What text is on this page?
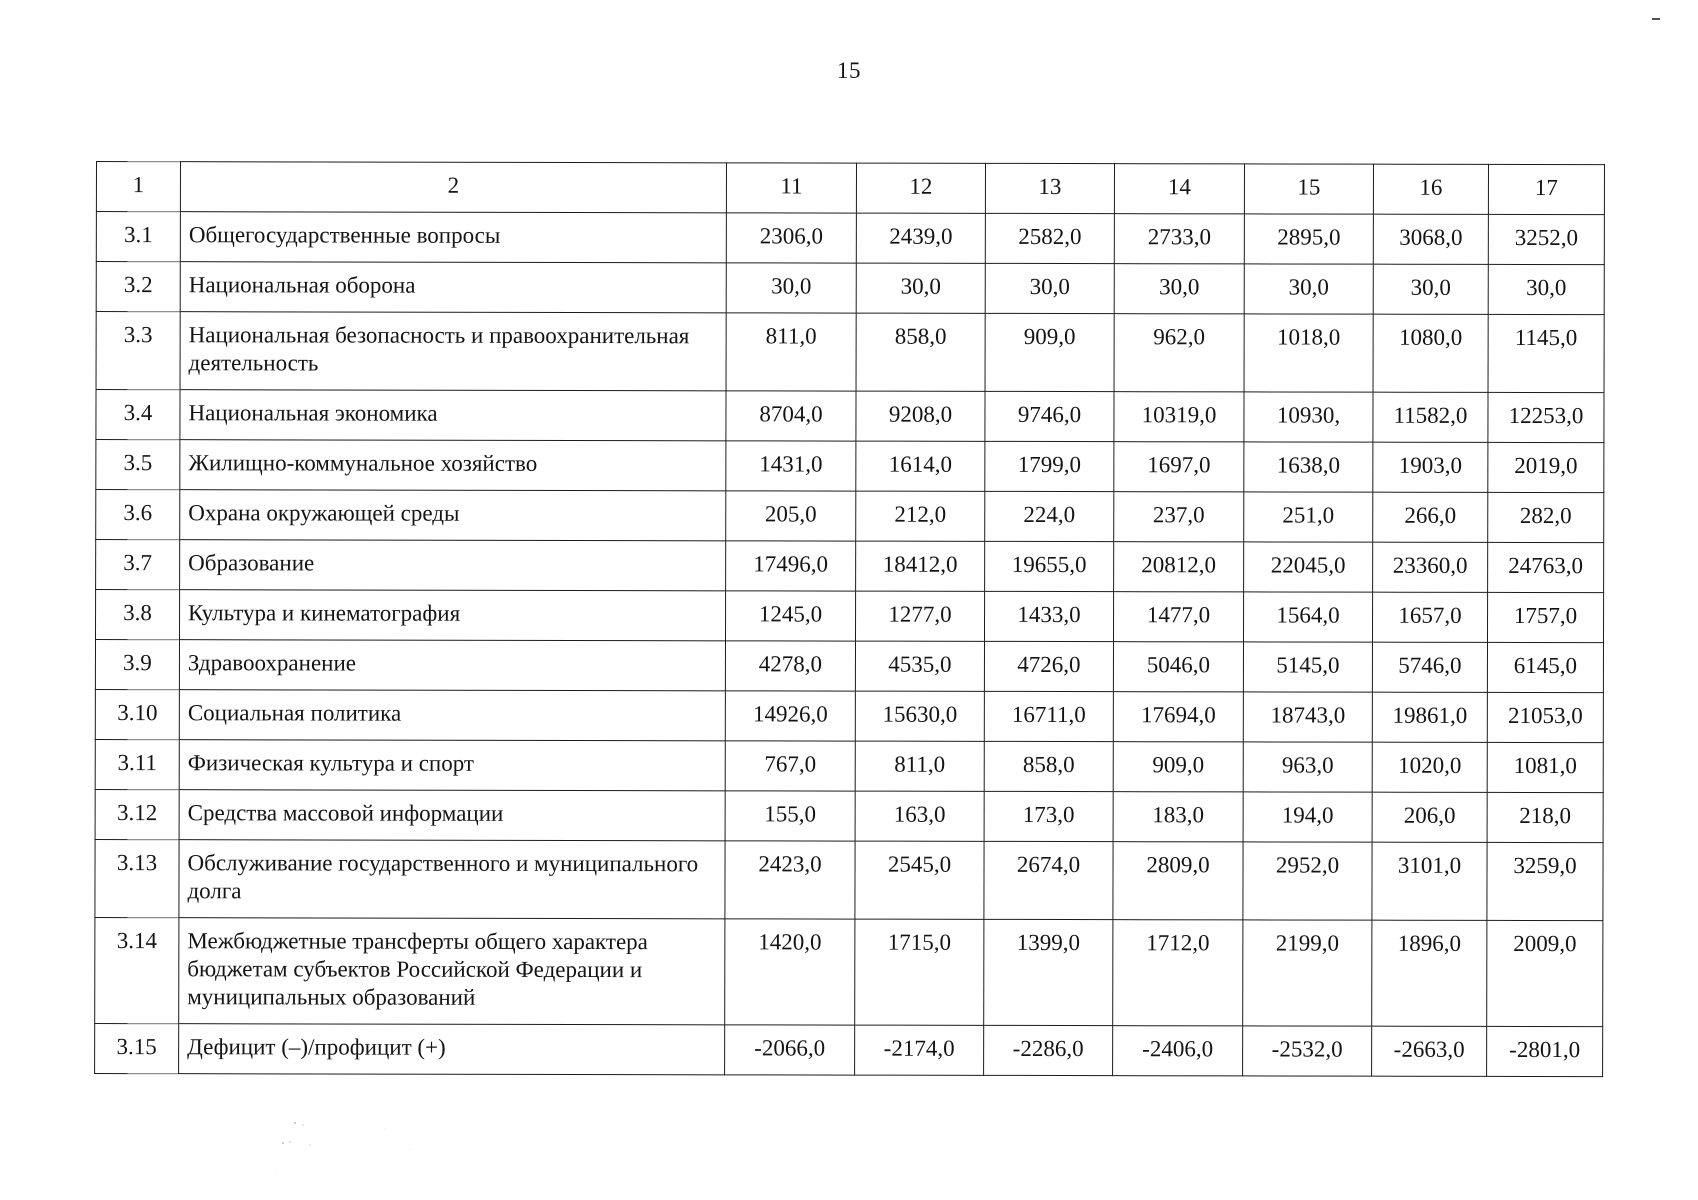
15
1	2	11	12	13	14	15	16	17
3.1	Общегосударственные вопросы	2306,0	2439,0	2582,0	2733,0	2895,0	3068,0	3252,0
3.2	Национальная оборона	30,0	30,0	30,0	30,0	30,0	30,0	30,0
3.3	Национальная безопасность и правоохранительная деятельность	811,0	858,0	909,0	962,0	1018,0	1080,0	1145,0
3.4	Национальная экономика	8704,0	9208,0	9746,0	10319,0	10930,	11582,0	12253,0
3.5	Жилищно-коммунальное хозяйство	1431,0	1614,0	1799,0	1697,0	1638,0	1903,0	2019,0
3.6	Охрана окружающей среды	205,0	212,0	224,0	237,0	251,0	266,0	282,0
3.7	Образование	17496,0	18412,0	19655,0	20812,0	22045,0	23360,0	24763,0
3.8	Культура и кинематография	1245,0	1277,0	1433,0	1477,0	1564,0	1657,0	1757,0
3.9	Здравоохранение	4278,0	4535,0	4726,0	5046,0	5145,0	5746,0	6145,0
3.10	Социальная политика	14926,0	15630,0	16711,0	17694,0	18743,0	19861,0	21053,0
3.11	Физическая культура и спорт	767,0	811,0	858,0	909,0	963,0	1020,0	1081,0
3.12	Средства массовой информации	155,0	163,0	173,0	183,0	194,0	206,0	218,0
3.13	Обслуживание государственного и муниципального долга	2423,0	2545,0	2674,0	2809,0	2952,0	3101,0	3259,0
3.14	Межбюджетные трансферты общего характера бюджетам субъектов Российской Федерации и муниципальных образований	1420,0	1715,0	1399,0	1712,0	2199,0	1896,0	2009,0
3.15	Дефицит (–)/профицит (+)	-2066,0	-2174,0	-2286,0	-2406,0	-2532,0	-2663,0	-2801,0
